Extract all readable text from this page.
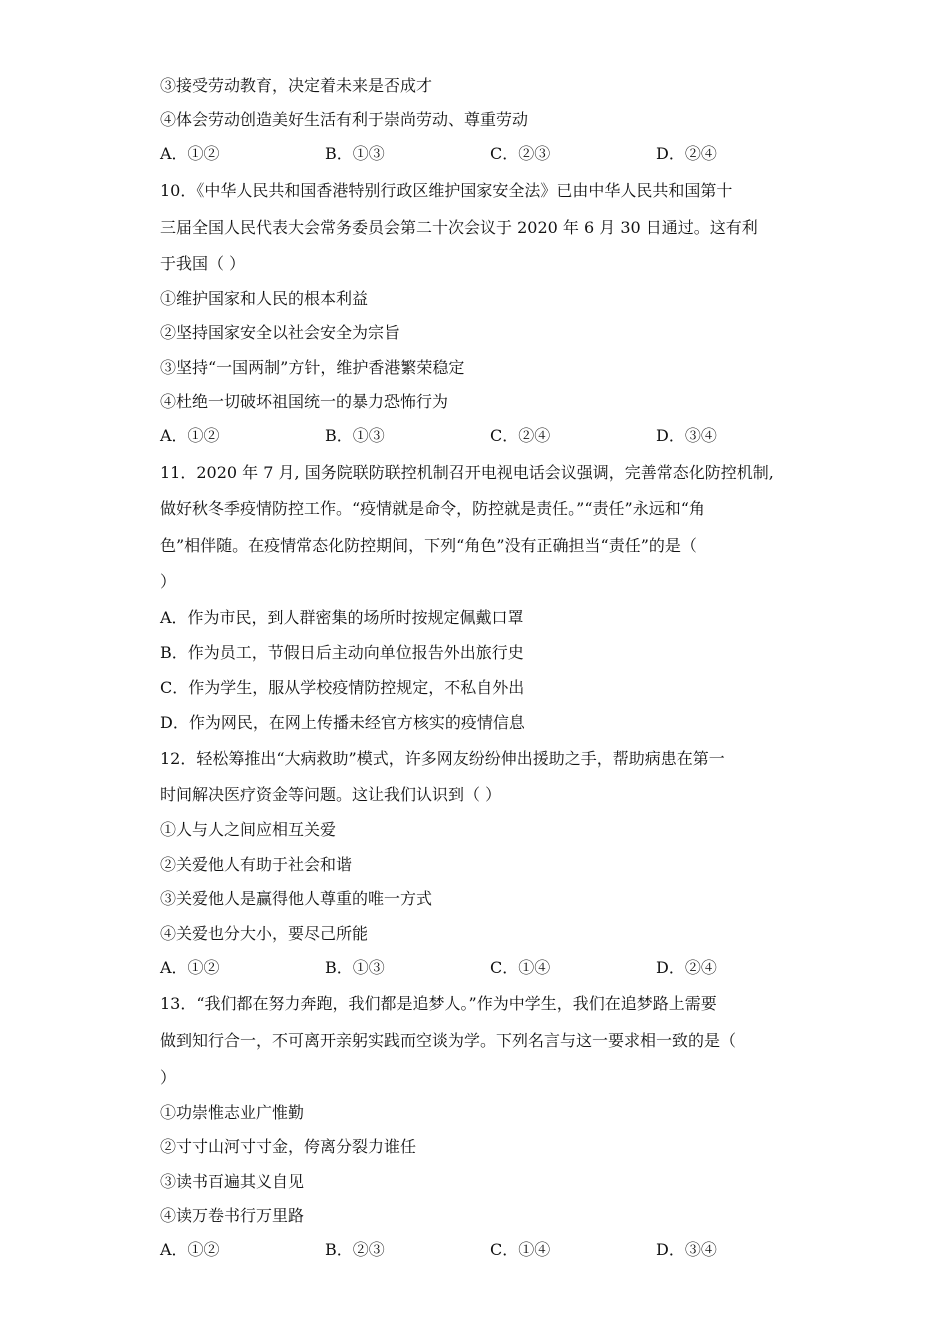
③接受劳动教育，决定着未来是否成才
④体会劳动创造美好生活有利于崇尚劳动、尊重劳动
A．①②	B．①③	C．②③	D．②④
10．《中华人民共和国香港特别行政区维护国家安全法》已由中华人民共和国第十
三届全国人民代表大会常务委员会第二十次会议于 2020 年 6 月 30 日通过。这有利
于我国（ ）
①维护国家和人民的根本利益
②坚持国家安全以社会安全为宗旨
③坚持“一国两制”方针，维护香港繁荣稳定
④杜绝一切破坏祖国统一的暴力恐怖行为
A．①②	B．①③	C．②④	D．③④
11．2020 年 7 月, 国务院联防联控机制召开电视电话会议强调，完善常态化防控机制,
做好秋冬季疫情防控工作。“疫情就是命令，防控就是责任。”“责任”永远和“角
色”相伴随。在疫情常态化防控期间，下列“角色”没有正确担当“责任”的是（
）
A．作为市民，到人群密集的场所时按规定佩戴口罩
B．作为员工，节假日后主动向单位报告外出旅行史
C．作为学生，服从学校疫情防控规定，不私自外出
D．作为网民，在网上传播未经官方核实的疫情信息
12．轻松筹推出“大病救助”模式，许多网友纷纷伸出援助之手，帮助病患在第一
时间解决医疗资金等问题。这让我们认识到（ ）
①人与人之间应相互关爱
②关爱他人有助于社会和谐
③关爱他人是赢得他人尊重的唯一方式
④关爱也分大小，要尽己所能
A．①②	B．①③	C．①④	D．②④
13．“我们都在努力奔跑，我们都是追梦人。”作为中学生，我们在追梦路上需要
做到知行合一，不可离开亲躬实践而空谈为学。下列名言与这一要求相一致的是（
）
①功崇惟志业广惟勤
②寸寸山河寸寸金，侉离分裂力谁任
③读书百遍其义自见
④读万卷书行万里路
A．①②	B．②③	C．①④	D．③④
